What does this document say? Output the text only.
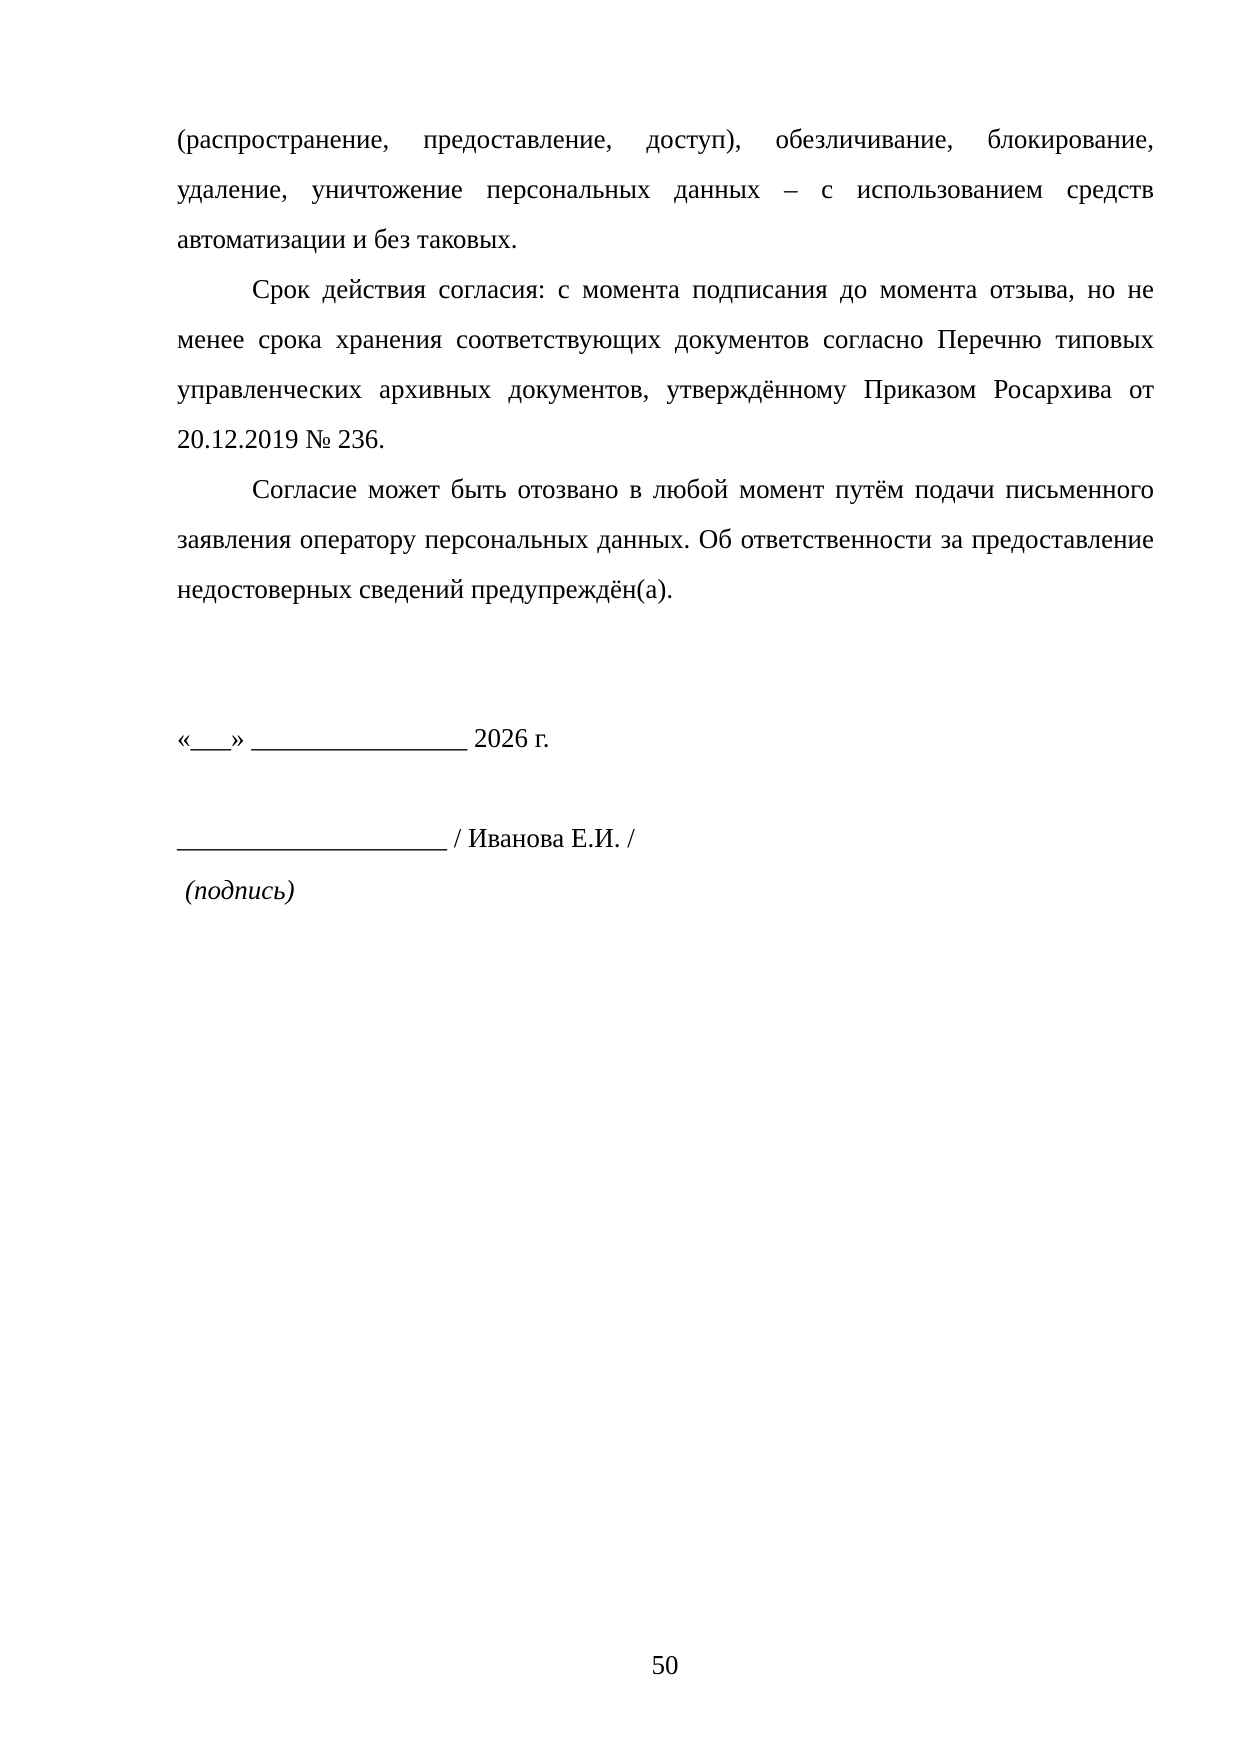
(распространение, предоставление, доступ), обезличивание, блокирование, удаление, уничтожение персональных данных – с использованием средств автоматизации и без таковых.

Срок действия согласия: с момента подписания до момента отзыва, но не менее срока хранения соответствующих документов согласно Перечню типовых управленческих архивных документов, утверждённому Приказом Росархива от 20.12.2019 № 236.

Согласие может быть отозвано в любой момент путём подачи письменного заявления оператору персональных данных. Об ответственности за предоставление недостоверных сведений предупреждён(а).

«___» ________________ 2026 г.
____________________ / Иванова Е.И. /
(подпись)
50
